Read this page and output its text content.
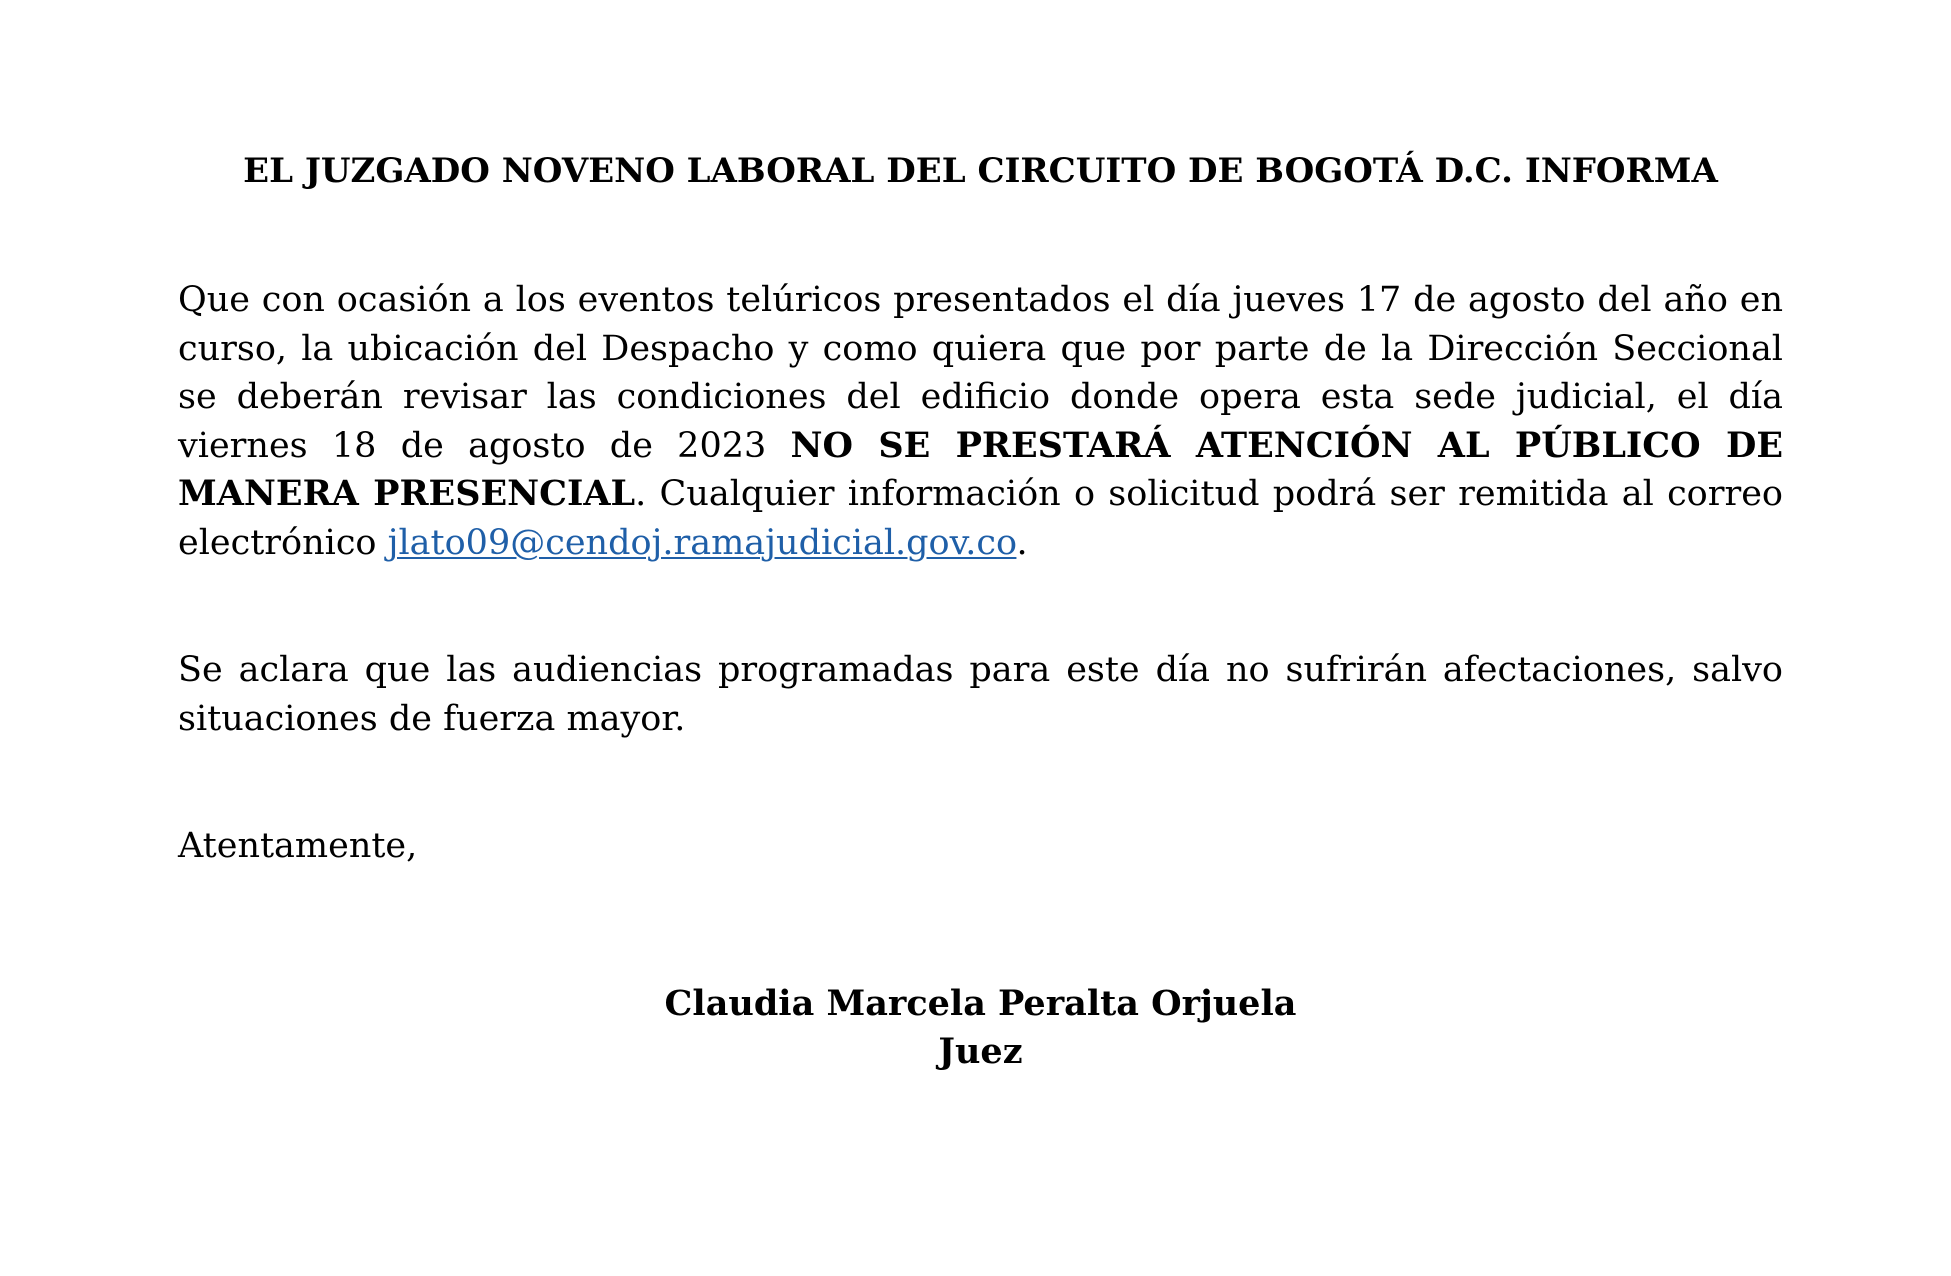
EL JUZGADO NOVENO LABORAL DEL CIRCUITO DE BOGOTÁ D.C. INFORMA

Que con ocasión a los eventos telúricos presentados el día jueves 17 de agosto del año en curso, la ubicación del Despacho y como quiera que por parte de la Dirección Seccional se deberán revisar las condiciones del edificio donde opera esta sede judicial, el día viernes 18 de agosto de 2023 NO SE PRESTARÁ ATENCIÓN AL PÚBLICO DE MANERA PRESENCIAL. Cualquier información o solicitud podrá ser remitida al correo electrónico jlato09@cendoj.ramajudicial.gov.co.

Se aclara que las audiencias programadas para este día no sufrirán afectaciones, salvo situaciones de fuerza mayor.

Atentamente,
Claudia Marcela Peralta Orjuela
Juez
